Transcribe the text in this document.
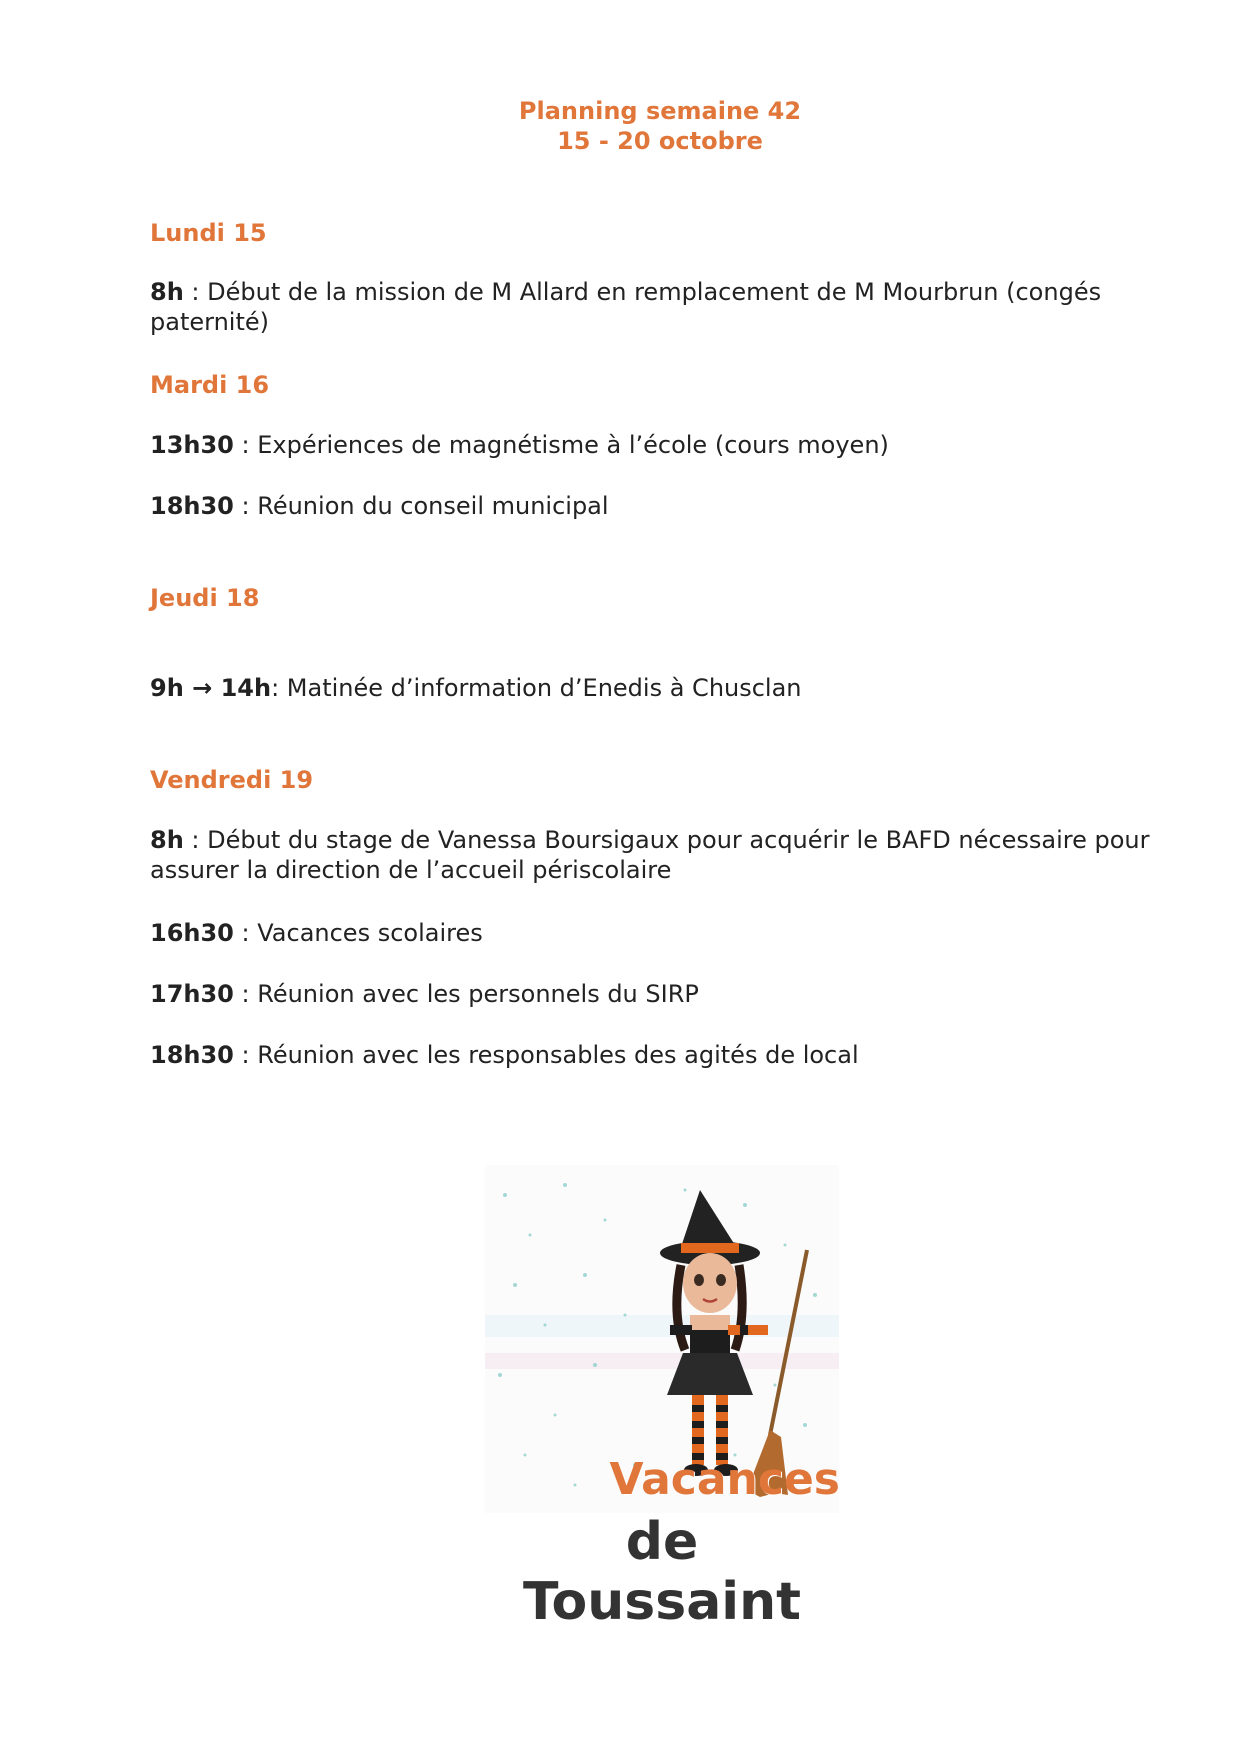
Planning semaine 42
15 - 20 octobre
Lundi 15
8h : Début de la mission de M Allard en remplacement de M Mourbrun (congés paternité)
Mardi 16
13h30 : Expériences de magnétisme à l’école (cours moyen)
18h30 : Réunion du conseil municipal
Jeudi 18
9h → 14h: Matinée d’information d’Enedis à Chusclan
Vendredi 19
8h : Début du stage de Vanessa Boursigaux pour acquérir le BAFD nécessaire pour assurer la direction de l’accueil périscolaire
16h30 : Vacances scolaires
17h30 : Réunion avec les personnels du SIRP
18h30 : Réunion avec les responsables des agités de local
Vacances
de Toussaint
